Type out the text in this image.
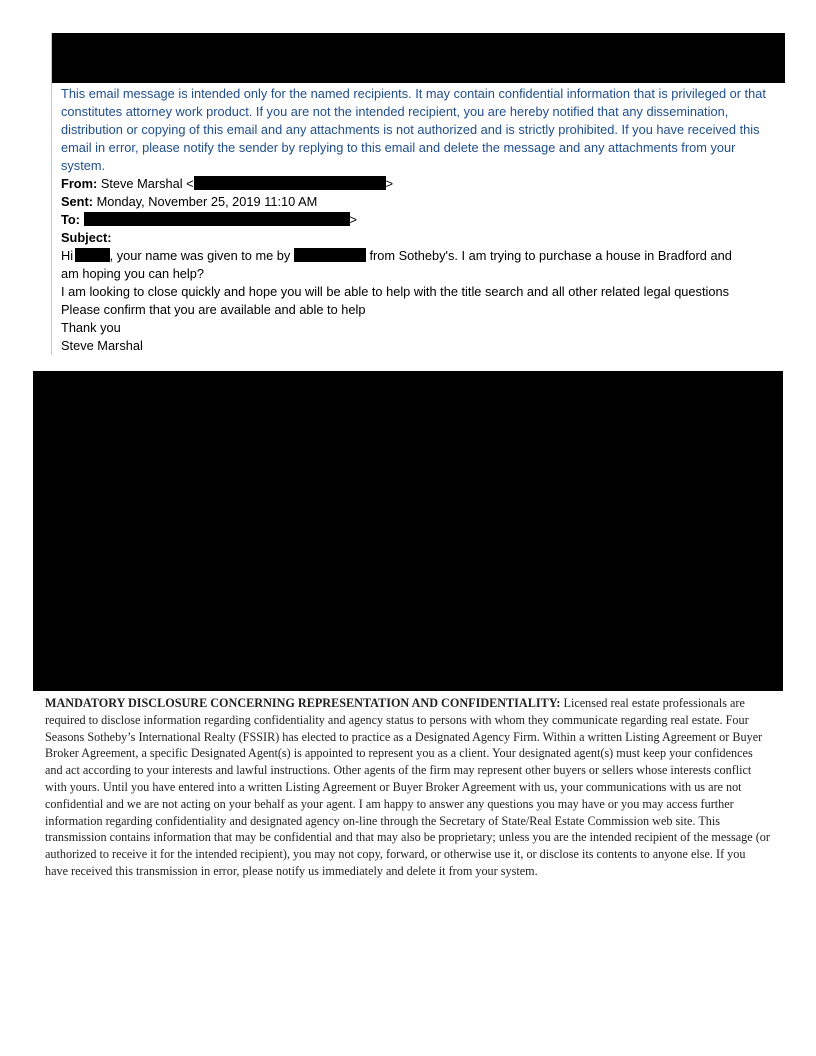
This email message is intended only for the named recipients. It may contain confidential information that is privileged or that constitutes attorney work product. If you are not the intended recipient, you are hereby notified that any dissemination, distribution or copying of this email and any attachments is not authorized and is strictly prohibited. If you have received this email in error, please notify the sender by replying to this email and delete the message and any attachments from your system.
From: Steve Marshal <	>
Sent: Monday, November 25, 2019 11:10 AM
To:	>
Subject:
Hi	, your name was given to me by	from Sotheby's. I am trying to purchase a house in Bradford and
am hoping you can help?
I am looking to close quickly and hope you will be able to help with the title search and all other related legal questions
Please confirm that you are available and able to help
Thank you
Steve Marshal
MANDATORY DISCLOSURE CONCERNING REPRESENTATION AND CONFIDENTIALITY: Licensed real estate professionals are required to disclose information regarding confidentiality and agency status to persons with whom they communicate regarding real estate. Four Seasons Sotheby’s International Realty (FSSIR) has elected to practice as a Designated Agency Firm. Within a written Listing Agreement or Buyer Broker Agreement, a specific Designated Agent(s) is appointed to represent you as a client. Your designated agent(s) must keep your confidences and act according to your interests and lawful instructions. Other agents of the firm may represent other buyers or sellers whose interests conflict with yours. Until you have entered into a written Listing Agreement or Buyer Broker Agreement with us, your communications with us are not confidential and we are not acting on your behalf as your agent. I am happy to answer any questions you may have or you may access further information regarding confidentiality and designated agency on-line through the Secretary of State/Real Estate Commission web site. This transmission contains information that may be confidential and that may also be proprietary; unless you are the intended recipient of the message (or authorized to receive it for the intended recipient), you may not copy, forward, or otherwise use it, or disclose its contents to anyone else. If you have received this transmission in error, please notify us immediately and delete it from your system.
